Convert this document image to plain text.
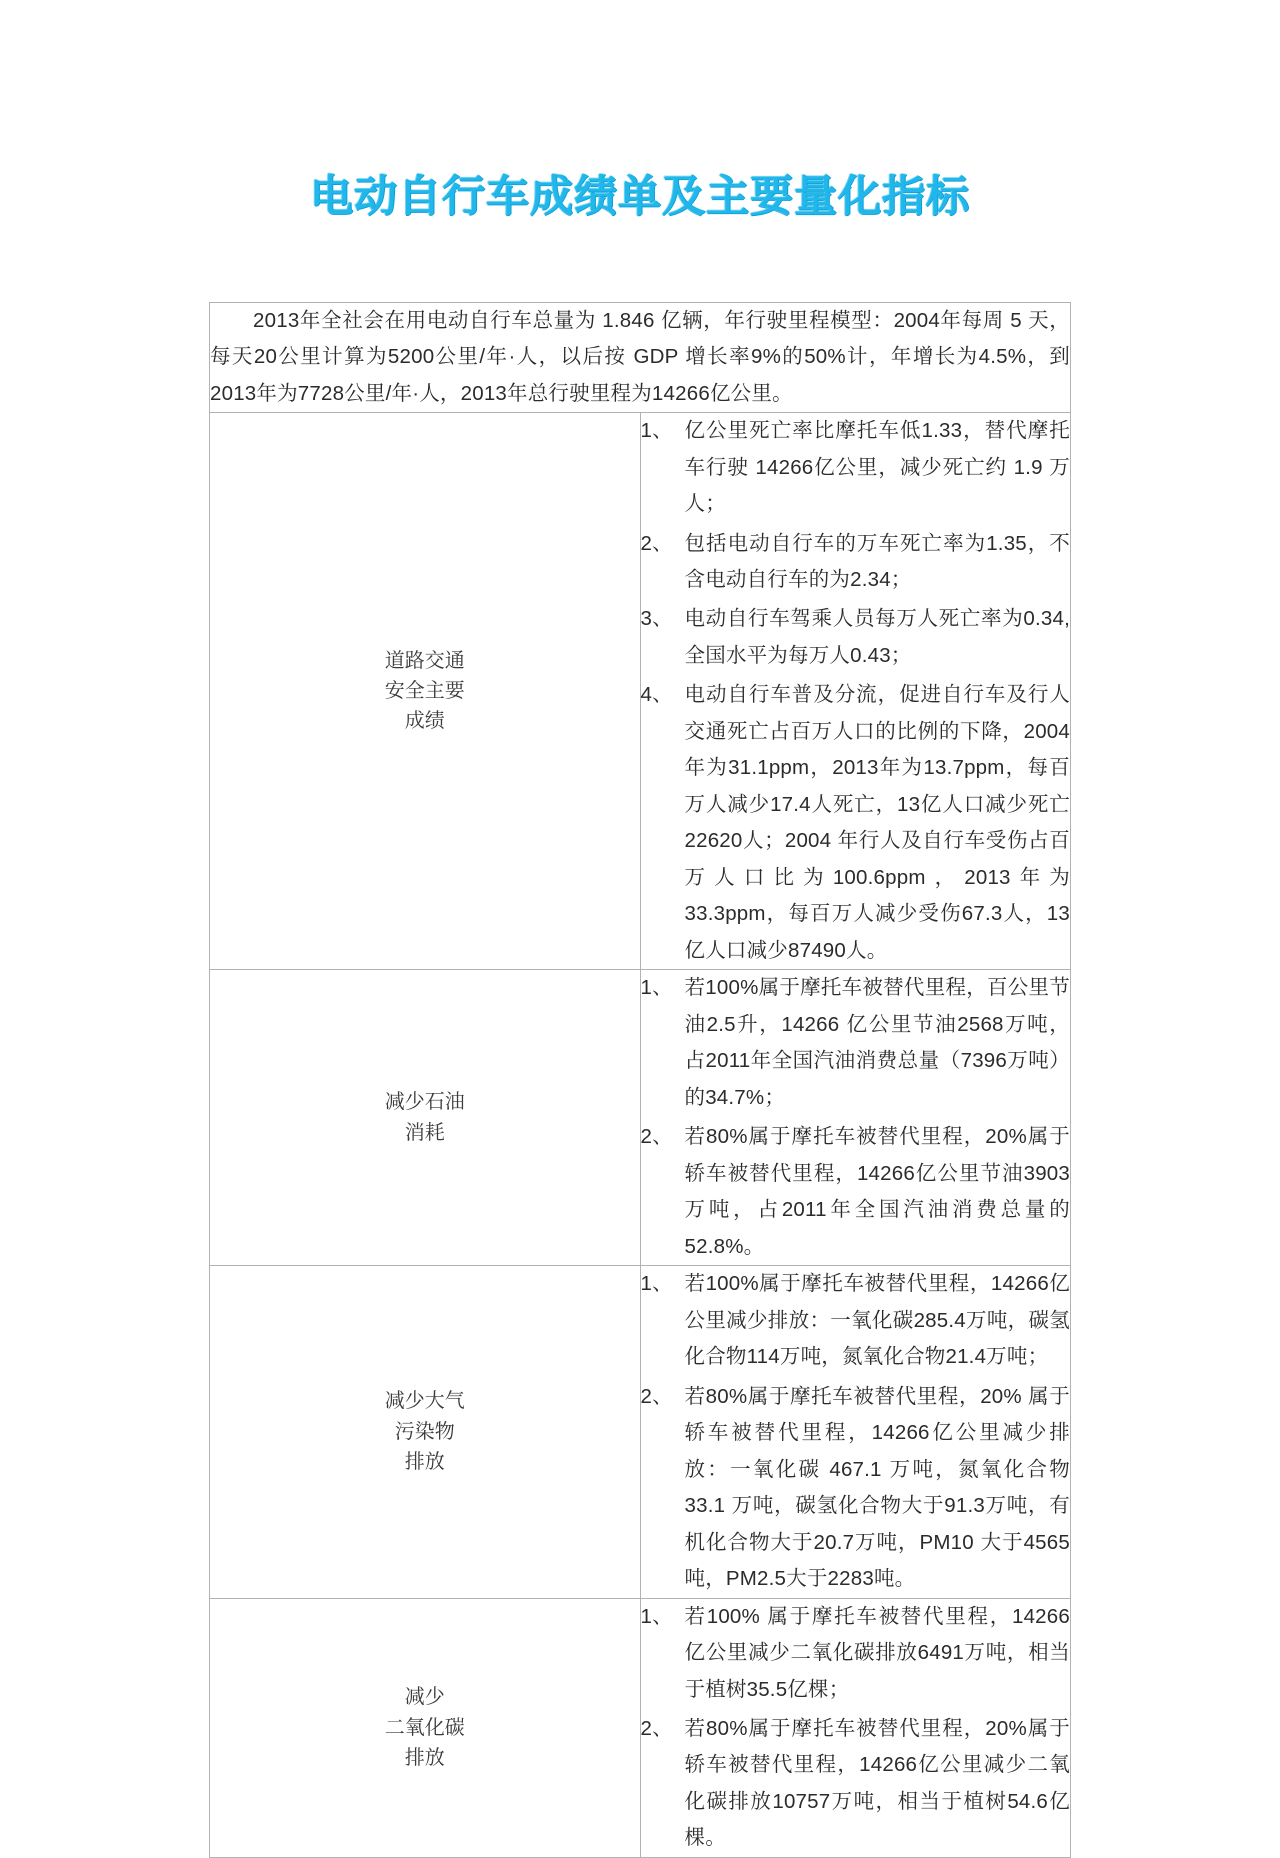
电动自行车成绩单及主要量化指标

2013年全社会在用电动自行车总量为 1.846 亿辆，年行驶里程模型：2004年每周 5 天，每天20公里计算为5200公里/年·人，以后按 GDP 增长率9%的50%计，年增长为4.5%，到2013年为7728公里/年·人，2013年总行驶里程为14266亿公里。	

道路交通
安全主要
成绩

1、 亿公里死亡率比摩托车低1.33，替代摩托车行驶 14266亿公里，减少死亡约 1.9 万人；
2、 包括电动自行车的万车死亡率为1.35，不含电动自行车的为2.34；
3、 电动自行车驾乘人员每万人死亡率为0.34,全国水平为每万人0.43；
4、 电动自行车普及分流，促进自行车及行人交通死亡占百万人口的比例的下降，2004年为31.1ppm，2013年为13.7ppm，每百万人减少17.4人死亡，13亿人口减少死亡22620人；2004 年行人及自行车受伤占百万人口比为100.6ppm，2013年为 33.3ppm，每百万人减少受伤67.3人，13亿人口减少87490人。

减少石油
消耗

1、 若100%属于摩托车被替代里程，百公里节油2.5升，14266 亿公里节油2568万吨，占2011年全国汽油消费总量（7396万吨）的34.7%；
2、 若80%属于摩托车被替代里程，20%属于轿车被替代里程，14266亿公里节油3903万吨，占2011年全国汽油消费总量的52.8%。

减少大气
污染物
排放

1、 若100%属于摩托车被替代里程，14266亿公里减少排放：一氧化碳285.4万吨，碳氢化合物114万吨，氮氧化合物21.4万吨；
2、 若80%属于摩托车被替代里程，20% 属于轿车被替代里程，14266亿公里减少排放：一氧化碳 467.1 万吨，氮氧化合物 33.1 万吨，碳氢化合物大于91.3万吨，有机化合物大于20.7万吨，PM10 大于4565吨，PM2.5大于2283吨。

减少
二氧化碳
排放

1、 若100% 属于摩托车被替代里程，14266 亿公里减少二氧化碳排放6491万吨，相当于植树35.5亿棵；
2、 若80%属于摩托车被替代里程，20%属于轿车被替代里程，14266亿公里减少二氧化碳排放10757万吨，相当于植树54.6亿棵。
